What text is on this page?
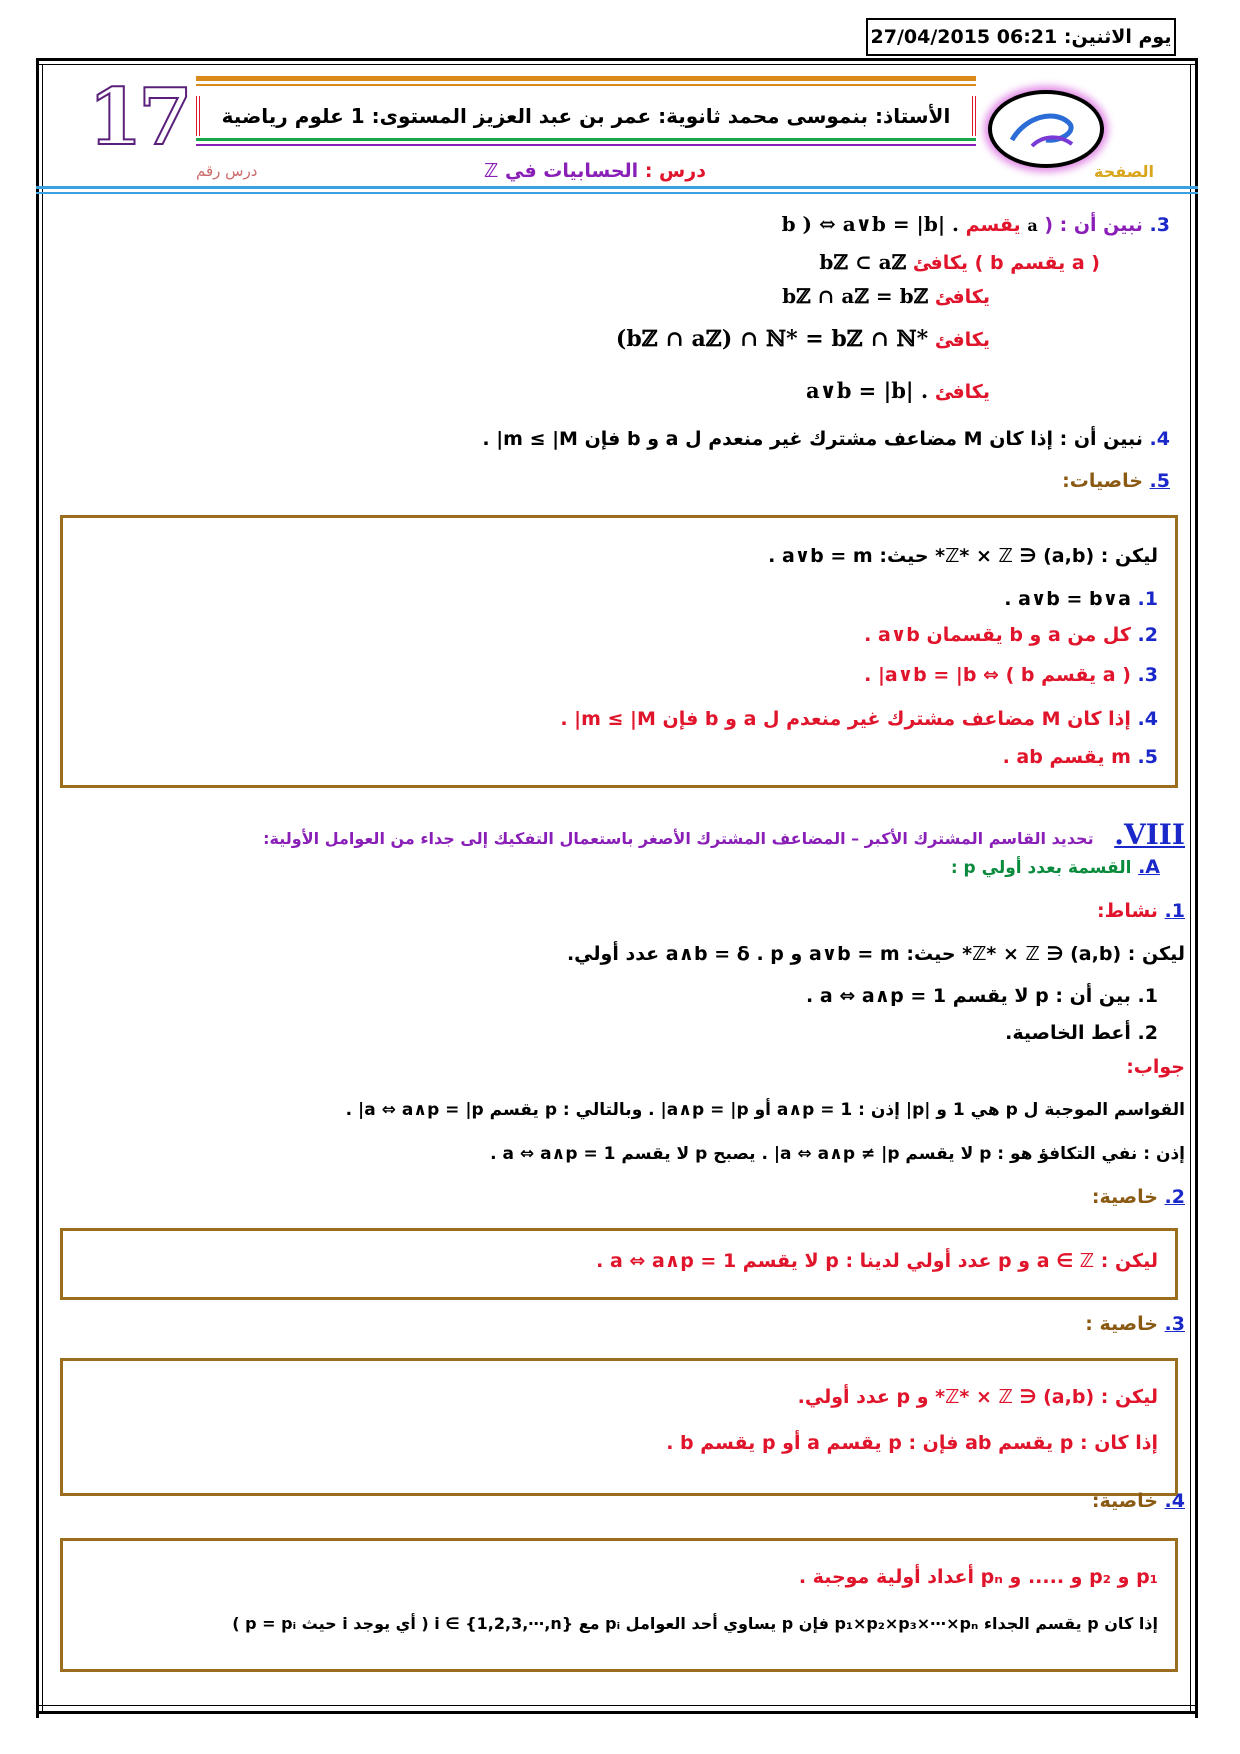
يوم الاثنين: 27/04/2015 06:21
17	الأستاذ: بنموسى محمد ثانوية: عمر بن عبد العزيز المستوى: 1 علوم رياضية
الصفحة
درس : الحسابيات في ℤ
درس رقم
3. نبين أن : ( a يقسم b ) ⇔ a∨b = |b| .
( a يقسم b ) يكافئ bℤ ⊂ aℤ
يكافئ bℤ ∩ aℤ = bℤ
يكافئ (bℤ ∩ aℤ) ∩ ℕ* = bℤ ∩ ℕ*
يكافئ a∨b = |b| .
4. نبين أن : إذا كان M مضاعف مشترك غير منعدم ل a و b فإن m ≤ |M| .
5. خاصيات:
ليكن : (a,b) ∈ ℤ* × ℤ* حيث: a∨b = m .
1. a∨b = b∨a .
2. كل من a و b يقسمان a∨b .
3. ( a يقسم b ) ⇔ a∨b = |b| .
4. إذا كان M مضاعف مشترك غير منعدم ل a و b فإن m ≤ |M| .
5. m يقسم ab .
VIII. تحديد القاسم المشترك الأكبر – المضاعف المشترك الأصغر باستعمال التفكيك إلى جداء من العوامل الأولية:
A. القسمة بعدد أولي p :
1. نشاط:
ليكن : (a,b) ∈ ℤ* × ℤ* حيث: a∨b = m و a∧b = δ . p عدد أولي.
1. بين أن : p لا يقسم a ⇔ a∧p = 1 .
2. أعط الخاصية.
جواب:
القواسم الموجبة ل p هي 1 و |p| إذن : a∧p = 1 أو a∧p = |p| . وبالتالي : p يقسم a ⇔ a∧p = |p| .
إذن : نفي التكافؤ هو : p لا يقسم a ⇔ a∧p ≠ |p| . يصبح p لا يقسم a ⇔ a∧p = 1 .
2. خاصية:
ليكن : a ∈ ℤ و p عدد أولي لدينا : p لا يقسم a ⇔ a∧p = 1 .
3. خاصية :
ليكن : (a,b) ∈ ℤ* × ℤ* و p عدد أولي.
إذا كان : p يقسم ab فإن : p يقسم a أو p يقسم b .
4. خاصية:
p₁ و p₂ و ..... و pₙ أعداد أولية موجبة .
إذا كان p يقسم الجداء p₁×p₂×p₃×⋯×pₙ فإن p يساوي أحد العوامل pᵢ مع i ∈ {1,2,3,⋯,n} ( أي يوجد i حيث p = pᵢ )
